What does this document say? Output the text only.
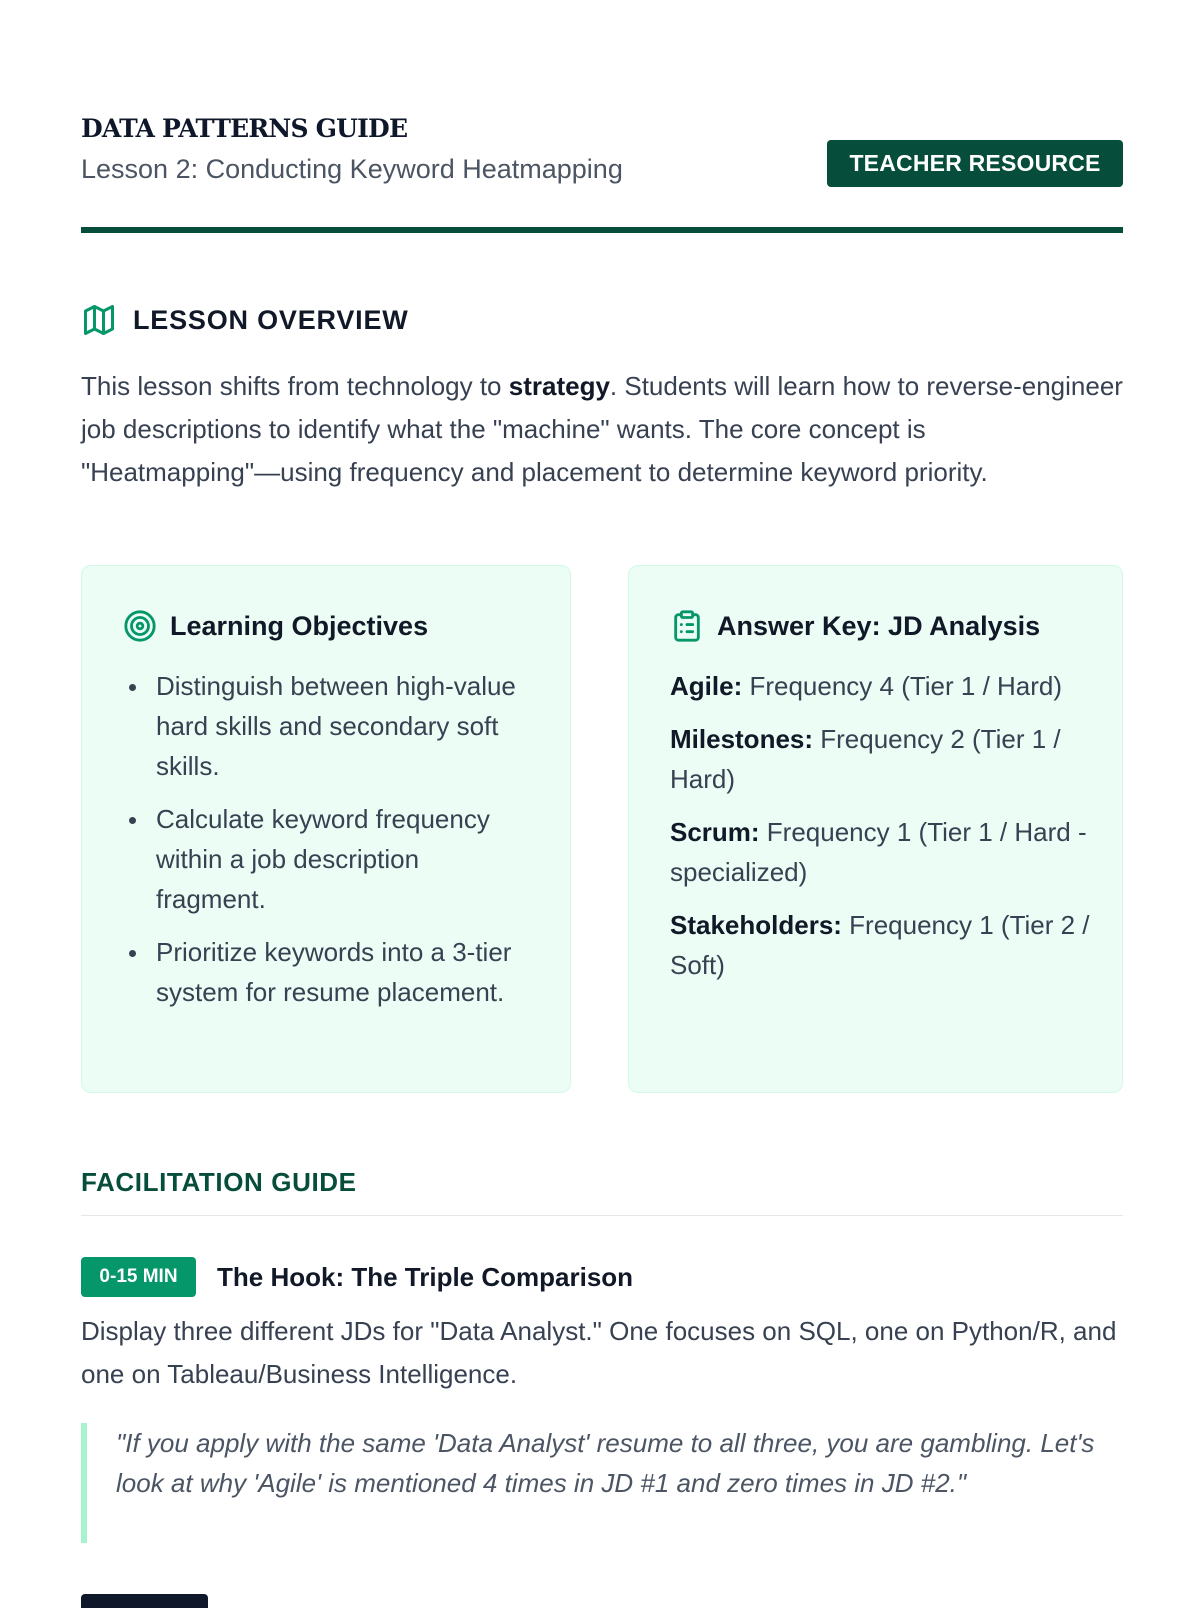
DATA PATTERNS GUIDE
Lesson 2: Conducting Keyword Heatmapping	TEACHER RESOURCE
LESSON OVERVIEW

This lesson shifts from technology to strategy. Students will learn how to reverse-engineer job descriptions to identify what the "machine" wants. The core concept is "Heatmapping"—using frequency and placement to determine keyword priority.

Learning Objectives
Distinguish between high-value hard skills and secondary soft skills.
Calculate keyword frequency within a job description fragment.
Prioritize keywords into a 3-tier system for resume placement.
Answer Key: JD Analysis
Agile: Frequency 4 (Tier 1 / Hard)
Milestones: Frequency 2 (Tier 1 / Hard)
Scrum: Frequency 1 (Tier 1 / Hard - specialized)
Stakeholders: Frequency 1 (Tier 2 / Soft)
FACILITATION GUIDE
0-15 MIN	The Hook: The Triple Comparison

Display three different JDs for "Data Analyst." One focuses on SQL, one on Python/R, and one on Tableau/Business Intelligence.

"If you apply with the same 'Data Analyst' resume to all three, you are gambling. Let's look at why 'Agile' is mentioned 4 times in JD #1 and zero times in JD #2."
